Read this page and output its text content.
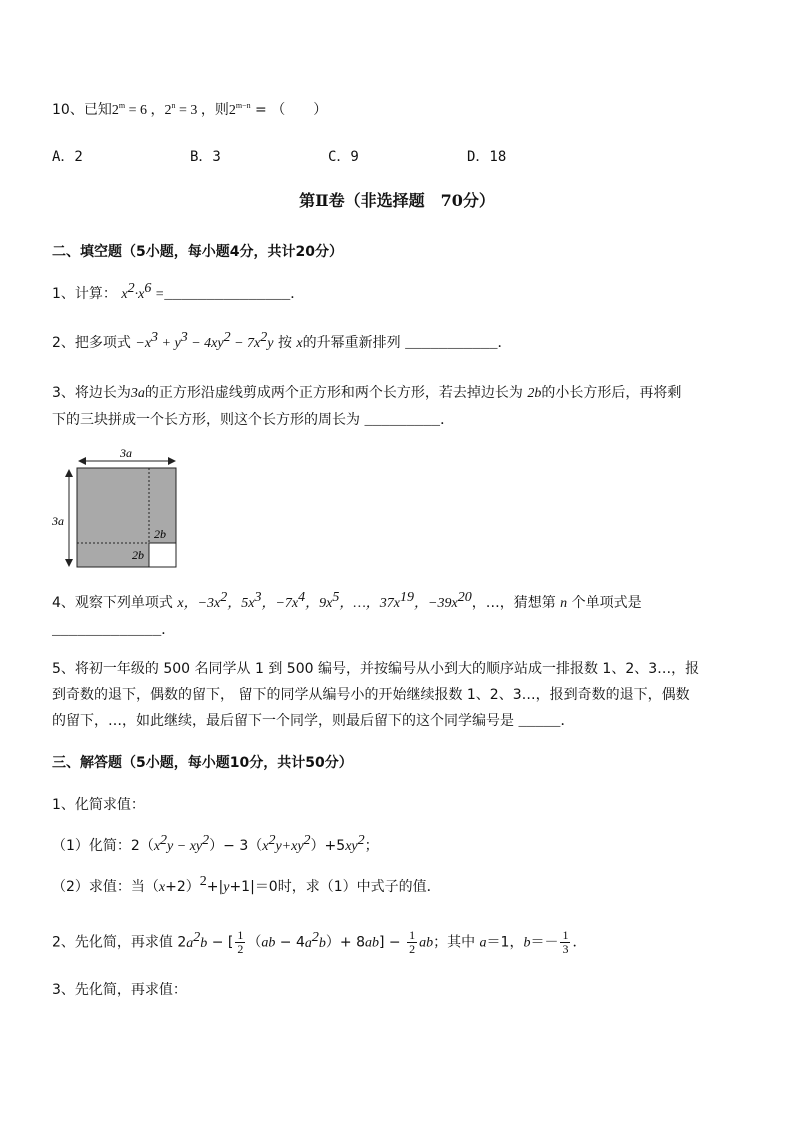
10、已知$2^m = 6$ ，$2^n = 3$ ，则$2^{m-n}$ = （　　）
A．2	B．3	C．9	D．18
第Ⅱ卷（非选择题　70分）
二、填空题（5小题，每小题4分，共计20分）
1、计算： $x^2\cdot x^6$ =_______________．
2、把多项式 $-x^3 + y^3 - 4xy^2 - 7x^2y$ 按 x的升幂重新排列 ___________．
3、将边长为3a的正方形沿虚线剪成两个正方形和两个长方形，若去掉边长为 2b的小长方形后，再将剩
下的三块拼成一个长方形，则这个长方形的周长为 _________．
3a
3a
2b
2b
4、观察下列单项式 x，$-3x^2$，$5x^3$，$-7x^4$，$9x^5$，…，$37x^{19}$，$-39x^{20}$，…，猜想第 n 个单项式是
_____________．
5、将初一年级的 500 名同学从 1 到 500 编号，并按编号从小到大的顺序站成一排报数 1、2、3…，报
到奇数的退下，偶数的留下， 留下的同学从编号小的开始继续报数 1、2、3…，报到奇数的退下，偶数
的留下，…，如此继续，最后留下一个同学，则最后留下的这个同学编号是 _____．
三、解答题（5小题，每小题10分，共计50分）
1、化简求值：
（1）化简：$2(x^2y - xy^2)- 3(x^2y+xy^2)+5xy^2$；
（2）求值：当$(x+2)^2+|y+1|=0$时，求（1）中式子的值．
2、先化简，再求值 $2a^2b$ − [ $\frac{1}{2} (ab - 4a^2b)+ 8ab] - \frac{1}{2}$ ab；其中 a＝1，$b=- \frac{1}{3}$ ．
3、先化简，再求值：
